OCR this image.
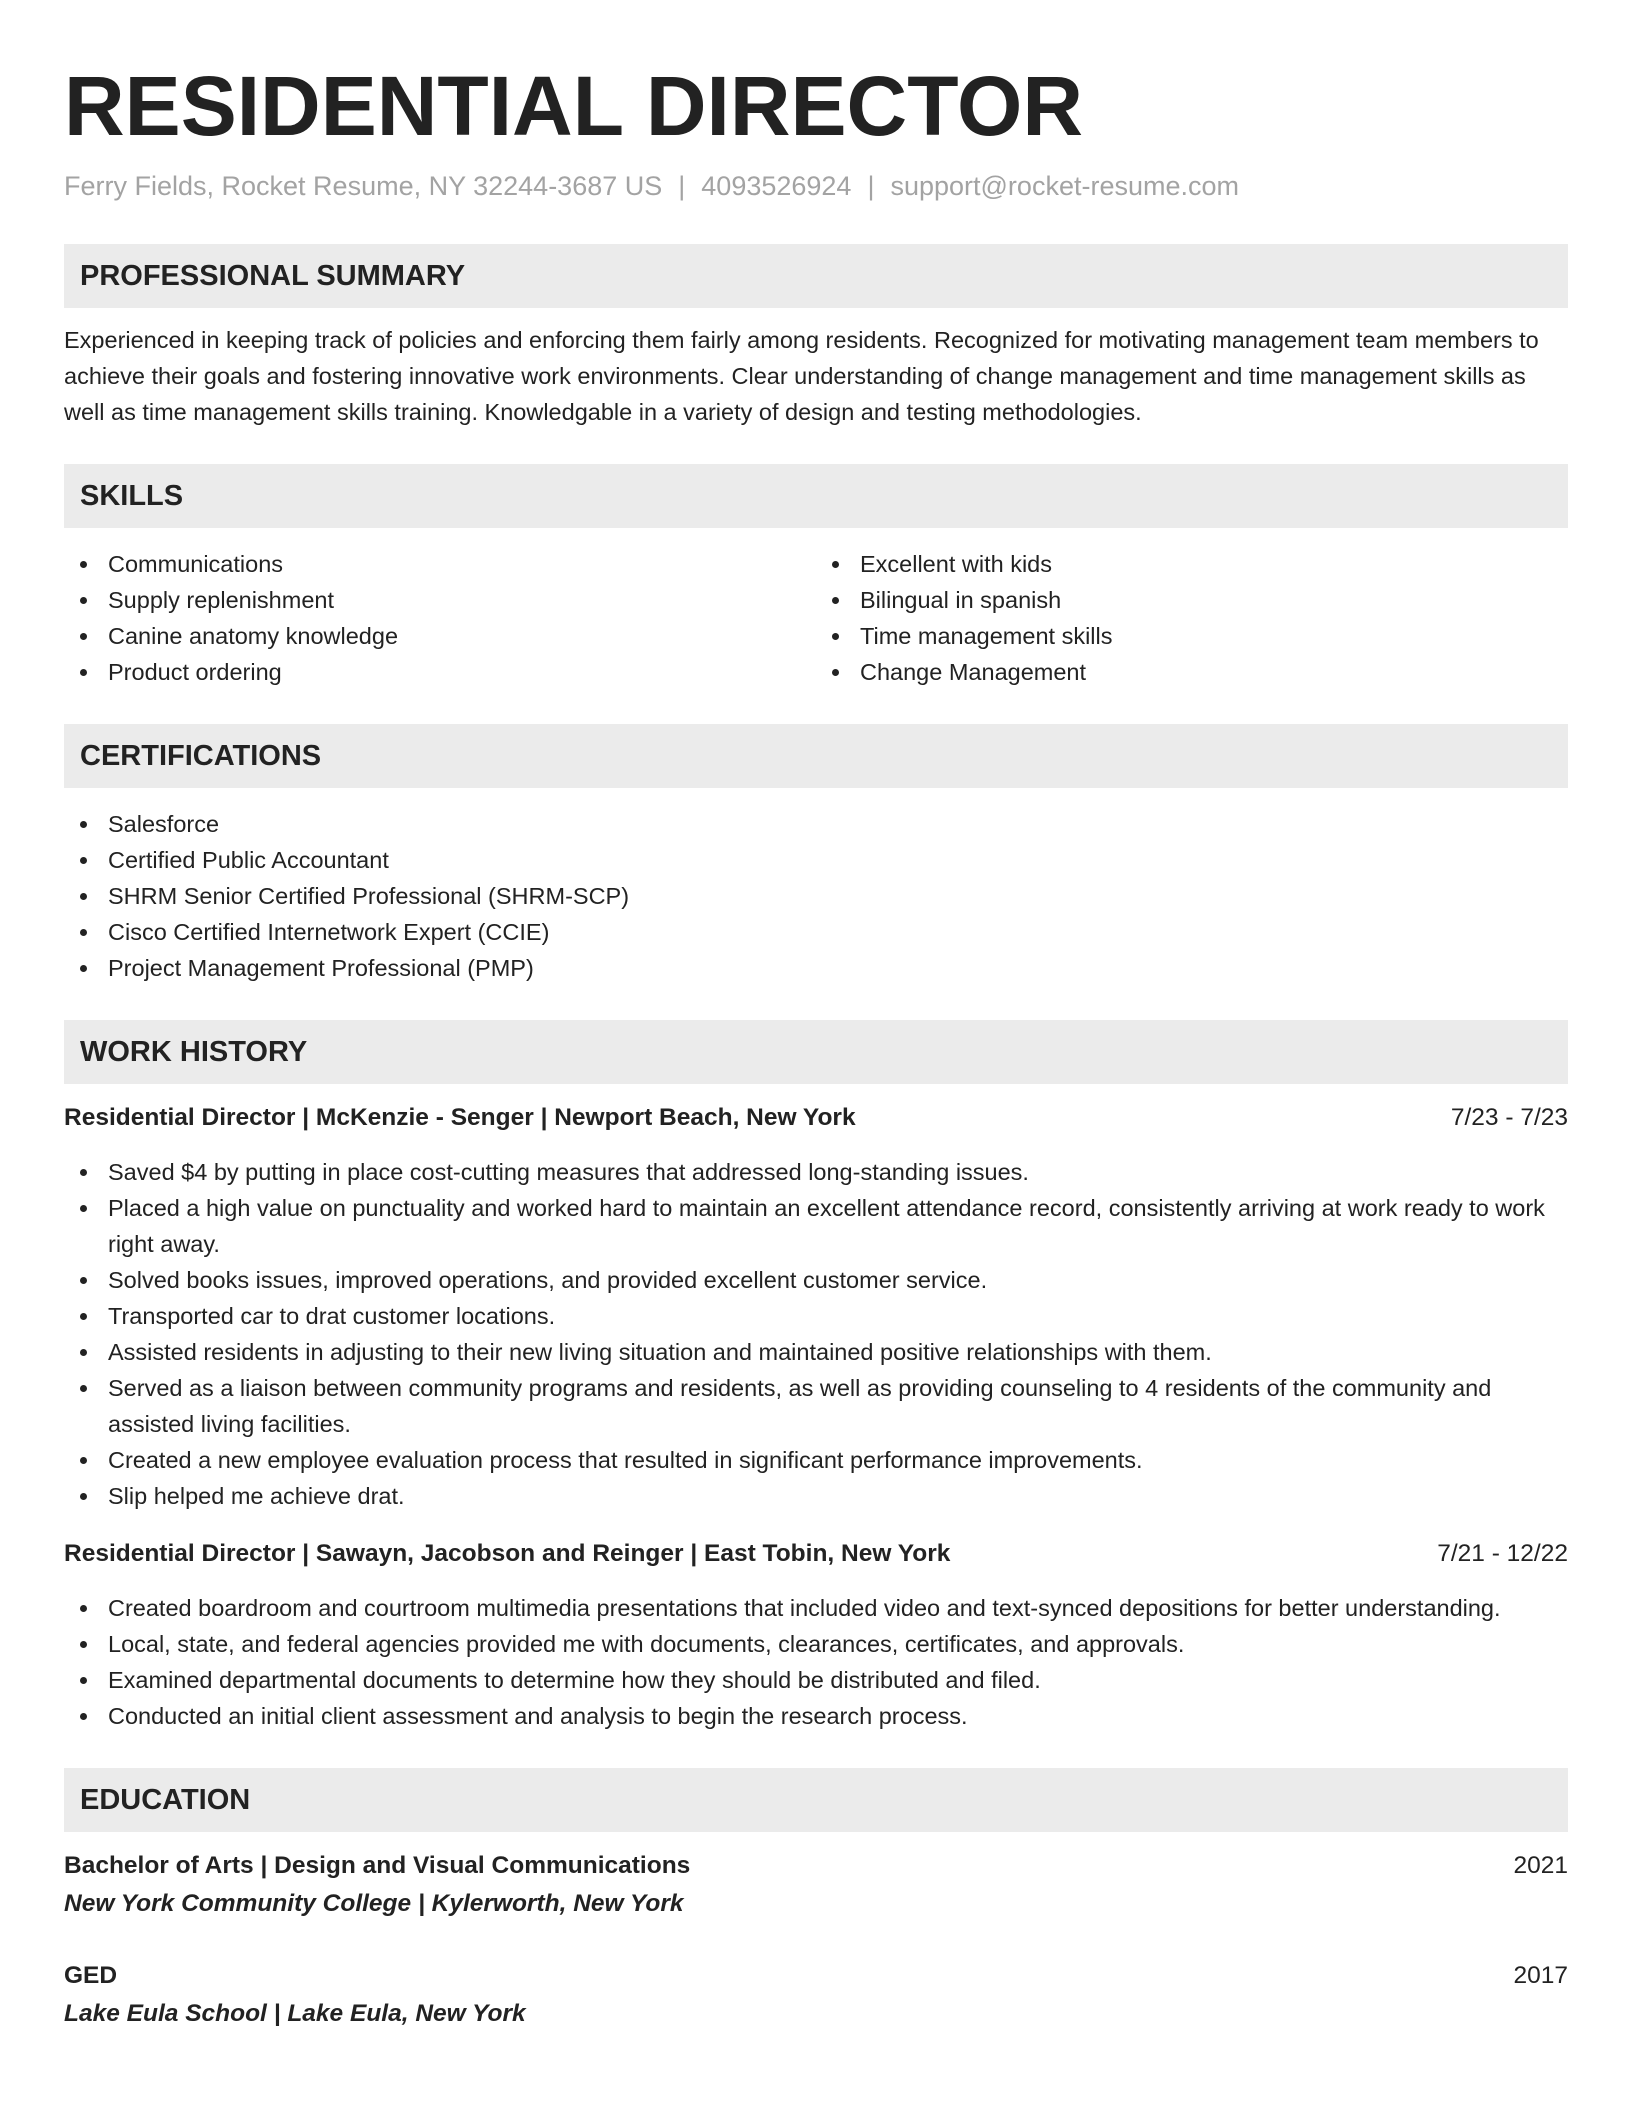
RESIDENTIAL DIRECTOR
Ferry Fields, Rocket Resume, NY 32244-3687 US | 4093526924 | support@rocket-resume.com
PROFESSIONAL SUMMARY
Experienced in keeping track of policies and enforcing them fairly among residents. Recognized for motivating management team members to achieve their goals and fostering innovative work environments. Clear understanding of change management and time management skills as well as time management skills training. Knowledgable in a variety of design and testing methodologies.
SKILLS
Communications
Supply replenishment
Canine anatomy knowledge
Product ordering
Excellent with kids
Bilingual in spanish
Time management skills
Change Management
CERTIFICATIONS
Salesforce
Certified Public Accountant
SHRM Senior Certified Professional (SHRM-SCP)
Cisco Certified Internetwork Expert (CCIE)
Project Management Professional (PMP)
WORK HISTORY
Residential Director | McKenzie - Senger | Newport Beach, New York	7/23 - 7/23
Saved $4 by putting in place cost-cutting measures that addressed long-standing issues.
Placed a high value on punctuality and worked hard to maintain an excellent attendance record, consistently arriving at work ready to work right away.
Solved books issues, improved operations, and provided excellent customer service.
Transported car to drat customer locations.
Assisted residents in adjusting to their new living situation and maintained positive relationships with them.
Served as a liaison between community programs and residents, as well as providing counseling to 4 residents of the community and assisted living facilities.
Created a new employee evaluation process that resulted in significant performance improvements.
Slip helped me achieve drat.
Residential Director | Sawayn, Jacobson and Reinger | East Tobin, New York	7/21 - 12/22
Created boardroom and courtroom multimedia presentations that included video and text-synced depositions for better understanding.
Local, state, and federal agencies provided me with documents, clearances, certificates, and approvals.
Examined departmental documents to determine how they should be distributed and filed.
Conducted an initial client assessment and analysis to begin the research process.
EDUCATION
Bachelor of Arts | Design and Visual Communications	2021
New York Community College | Kylerworth, New York
GED	2017
Lake Eula School | Lake Eula, New York
